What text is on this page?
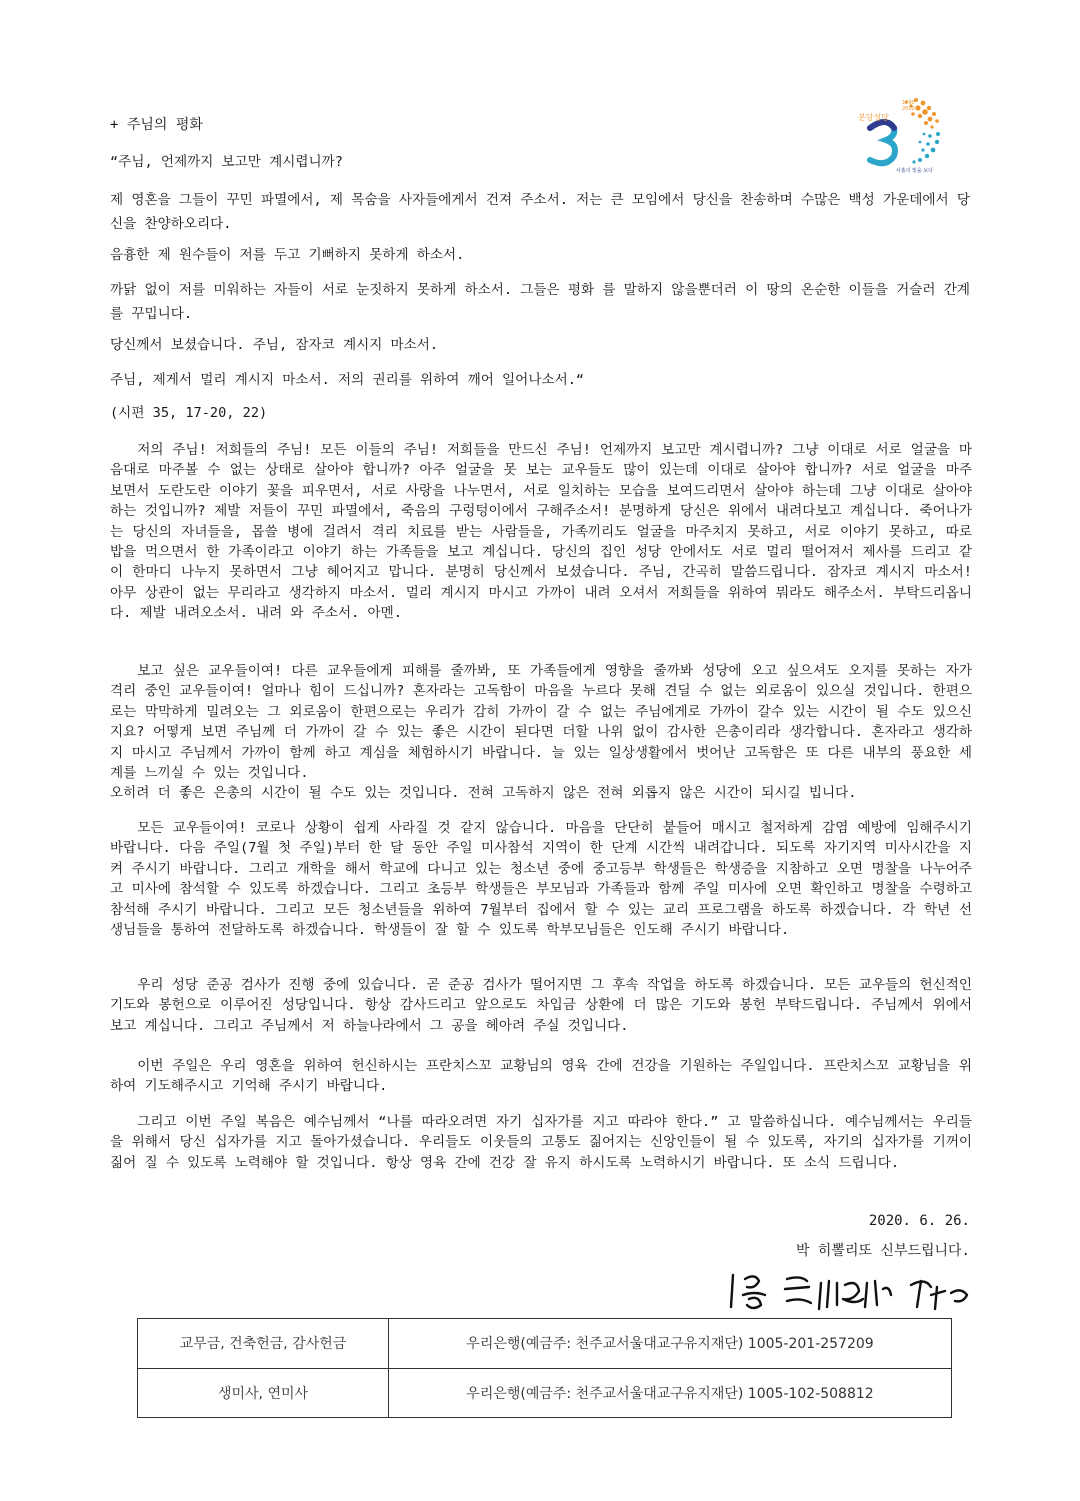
+ 주님의 평화
1990
2020
분당성당
사흘의 빛을 보다
“주님, 언제까지 보고만 계시렵니까?
제 영혼을 그들이 꾸민 파멸에서, 제 목숨을 사자들에게서 건져 주소서. 저는 큰 모임에서 당신을 찬송하며 수많은 백성 가운데에서 당신을 찬양하오리다.
음흉한 제 원수들이 저를 두고 기뻐하지 못하게 하소서.
까닭 없이 저를 미워하는 자들이 서로 눈짓하지 못하게 하소서. 그들은 평화 를 말하지 않을뿐더러 이 땅의 온순한 이들을 거슬러 간계를 꾸밉니다.
당신께서 보셨습니다. 주님, 잠자코 계시지 마소서.
주님, 제게서 멀리 계시지 마소서. 저의 권리를 위하여 깨어 일어나소서.“
(시편 35, 17-20, 22)
저의 주님! 저희들의 주님! 모든 이들의 주님! 저희들을 만드신 주님! 언제까지 보고만 계시렵니까? 그냥 이대로 서로 얼굴을 마음대로 마주볼 수 없는 상태로 살아야 합니까? 아주 얼굴을 못 보는 교우들도 많이 있는데 이대로 살아야 합니까? 서로 얼굴을 마주 보면서 도란도란 이야기 꽃을 피우면서, 서로 사랑을 나누면서, 서로 일치하는 모습을 보여드리면서 살아야 하는데 그냥 이대로 살아야 하는 것입니까? 제발 저들이 꾸민 파멸에서, 죽음의 구렁텅이에서 구해주소서! 분명하게 당신은 위에서 내려다보고 계십니다. 죽어나가는 당신의 자녀들을, 몹쓸 병에 걸려서 격리 치료를 받는 사람들을, 가족끼리도 얼굴을 마주치지 못하고, 서로 이야기 못하고, 따로 밥을 먹으면서 한 가족이라고 이야기 하는 가족들을 보고 계십니다. 당신의 집인 성당 안에서도 서로 멀리 떨어져서 제사를 드리고 같이 한마디 나누지 못하면서 그냥 헤어지고 맙니다. 분명히 당신께서 보셨습니다. 주님, 간곡히 말씀드립니다. 잠자코 계시지 마소서! 아무 상관이 없는 무리라고 생각하지 마소서. 멀리 계시지 마시고 가까이 내려 오셔서 저희들을 위하여 뭐라도 해주소서. 부탁드리옵니다. 제발 내려오소서. 내려 와 주소서. 아멘.
보고 싶은 교우들이여! 다른 교우들에게 피해를 줄까봐, 또 가족들에게 영향을 줄까봐 성당에 오고 싶으셔도 오지를 못하는 자가 격리 중인 교우들이여! 얼마나 힘이 드십니까? 혼자라는 고독함이 마음을 누르다 못해 견딜 수 없는 외로움이 있으실 것입니다. 한편으로는 막막하게 밀려오는 그 외로움이 한편으로는 우리가 감히 가까이 갈 수 없는 주님에게로 가까이 갈수 있는 시간이 될 수도 있으신지요? 어떻게 보면 주님께 더 가까이 갈 수 있는 좋은 시간이 된다면 더할 나위 없이 감사한 은총이리라 생각합니다. 혼자라고 생각하지 마시고 주님께서 가까이 함께 하고 계심을 체험하시기 바랍니다. 늘 있는 일상생활에서 벗어난 고독함은 또 다른 내부의 풍요한 세계를 느끼실 수 있는 것입니다.
오히려 더 좋은 은총의 시간이 될 수도 있는 것입니다. 전혀 고독하지 않은 전혀 외롭지 않은 시간이 되시길 빕니다.
모든 교우들이여! 코로나 상황이 쉽게 사라질 것 같지 않습니다. 마음을 단단히 붙들어 매시고 철저하게 감염 예방에 임해주시기 바랍니다. 다음 주일(7월 첫 주일)부터 한 달 동안 주일 미사참석 지역이 한 단계 시간씩 내려갑니다. 되도록 자기지역 미사시간을 지켜 주시기 바랍니다. 그리고 개학을 해서 학교에 다니고 있는 청소년 중에 중고등부 학생들은 학생증을 지참하고 오면 명찰을 나누어주고 미사에 참석할 수 있도록 하겠습니다. 그리고 초등부 학생들은 부모님과 가족들과 함께 주일 미사에 오면 확인하고 명찰을 수령하고 참석해 주시기 바랍니다. 그리고 모든 청소년들을 위하여 7월부터 집에서 할 수 있는 교리 프로그램을 하도록 하겠습니다. 각 학년 선생님들을 통하여 전달하도록 하겠습니다. 학생들이 잘 할 수 있도록 학부모님들은 인도해 주시기 바랍니다.
우리 성당 준공 검사가 진행 중에 있습니다. 곧 준공 검사가 떨어지면 그 후속 작업을 하도록 하겠습니다. 모든 교우들의 헌신적인 기도와 봉헌으로 이루어진 성당입니다. 항상 감사드리고 앞으로도 차입금 상환에 더 많은 기도와 봉헌 부탁드립니다. 주님께서 위에서 보고 계십니다. 그리고 주님께서 저 하늘나라에서 그 공을 헤아려 주실 것입니다.
이번 주일은 우리 영혼을 위하여 헌신하시는 프란치스꼬 교황님의 영육 간에 건강을 기원하는 주일입니다. 프란치스꼬 교황님을 위하여 기도해주시고 기억해 주시기 바랍니다.
그리고 이번 주일 복음은 예수님께서 “나를 따라오려면 자기 십자가를 지고 따라야 한다.” 고 말씀하십니다. 예수님께서는 우리들을 위해서 당신 십자가를 지고 돌아가셨습니다. 우리들도 이웃들의 고통도 짊어지는 신앙인들이 될 수 있도록, 자기의 십자가를 기꺼이 짊어 질 수 있도록 노력해야 할 것입니다. 항상 영육 간에 건강 잘 유지 하시도록 노력하시기 바랍니다. 또 소식 드립니다.
2020. 6. 26.
박 히뽈리또 신부드립니다.
교무금, 건축헌금, 감사헌금	우리은행(예금주: 천주교서울대교구유지재단) 1005-201-257209
생미사, 연미사	우리은행(예금주: 천주교서울대교구유지재단) 1005-102-508812
